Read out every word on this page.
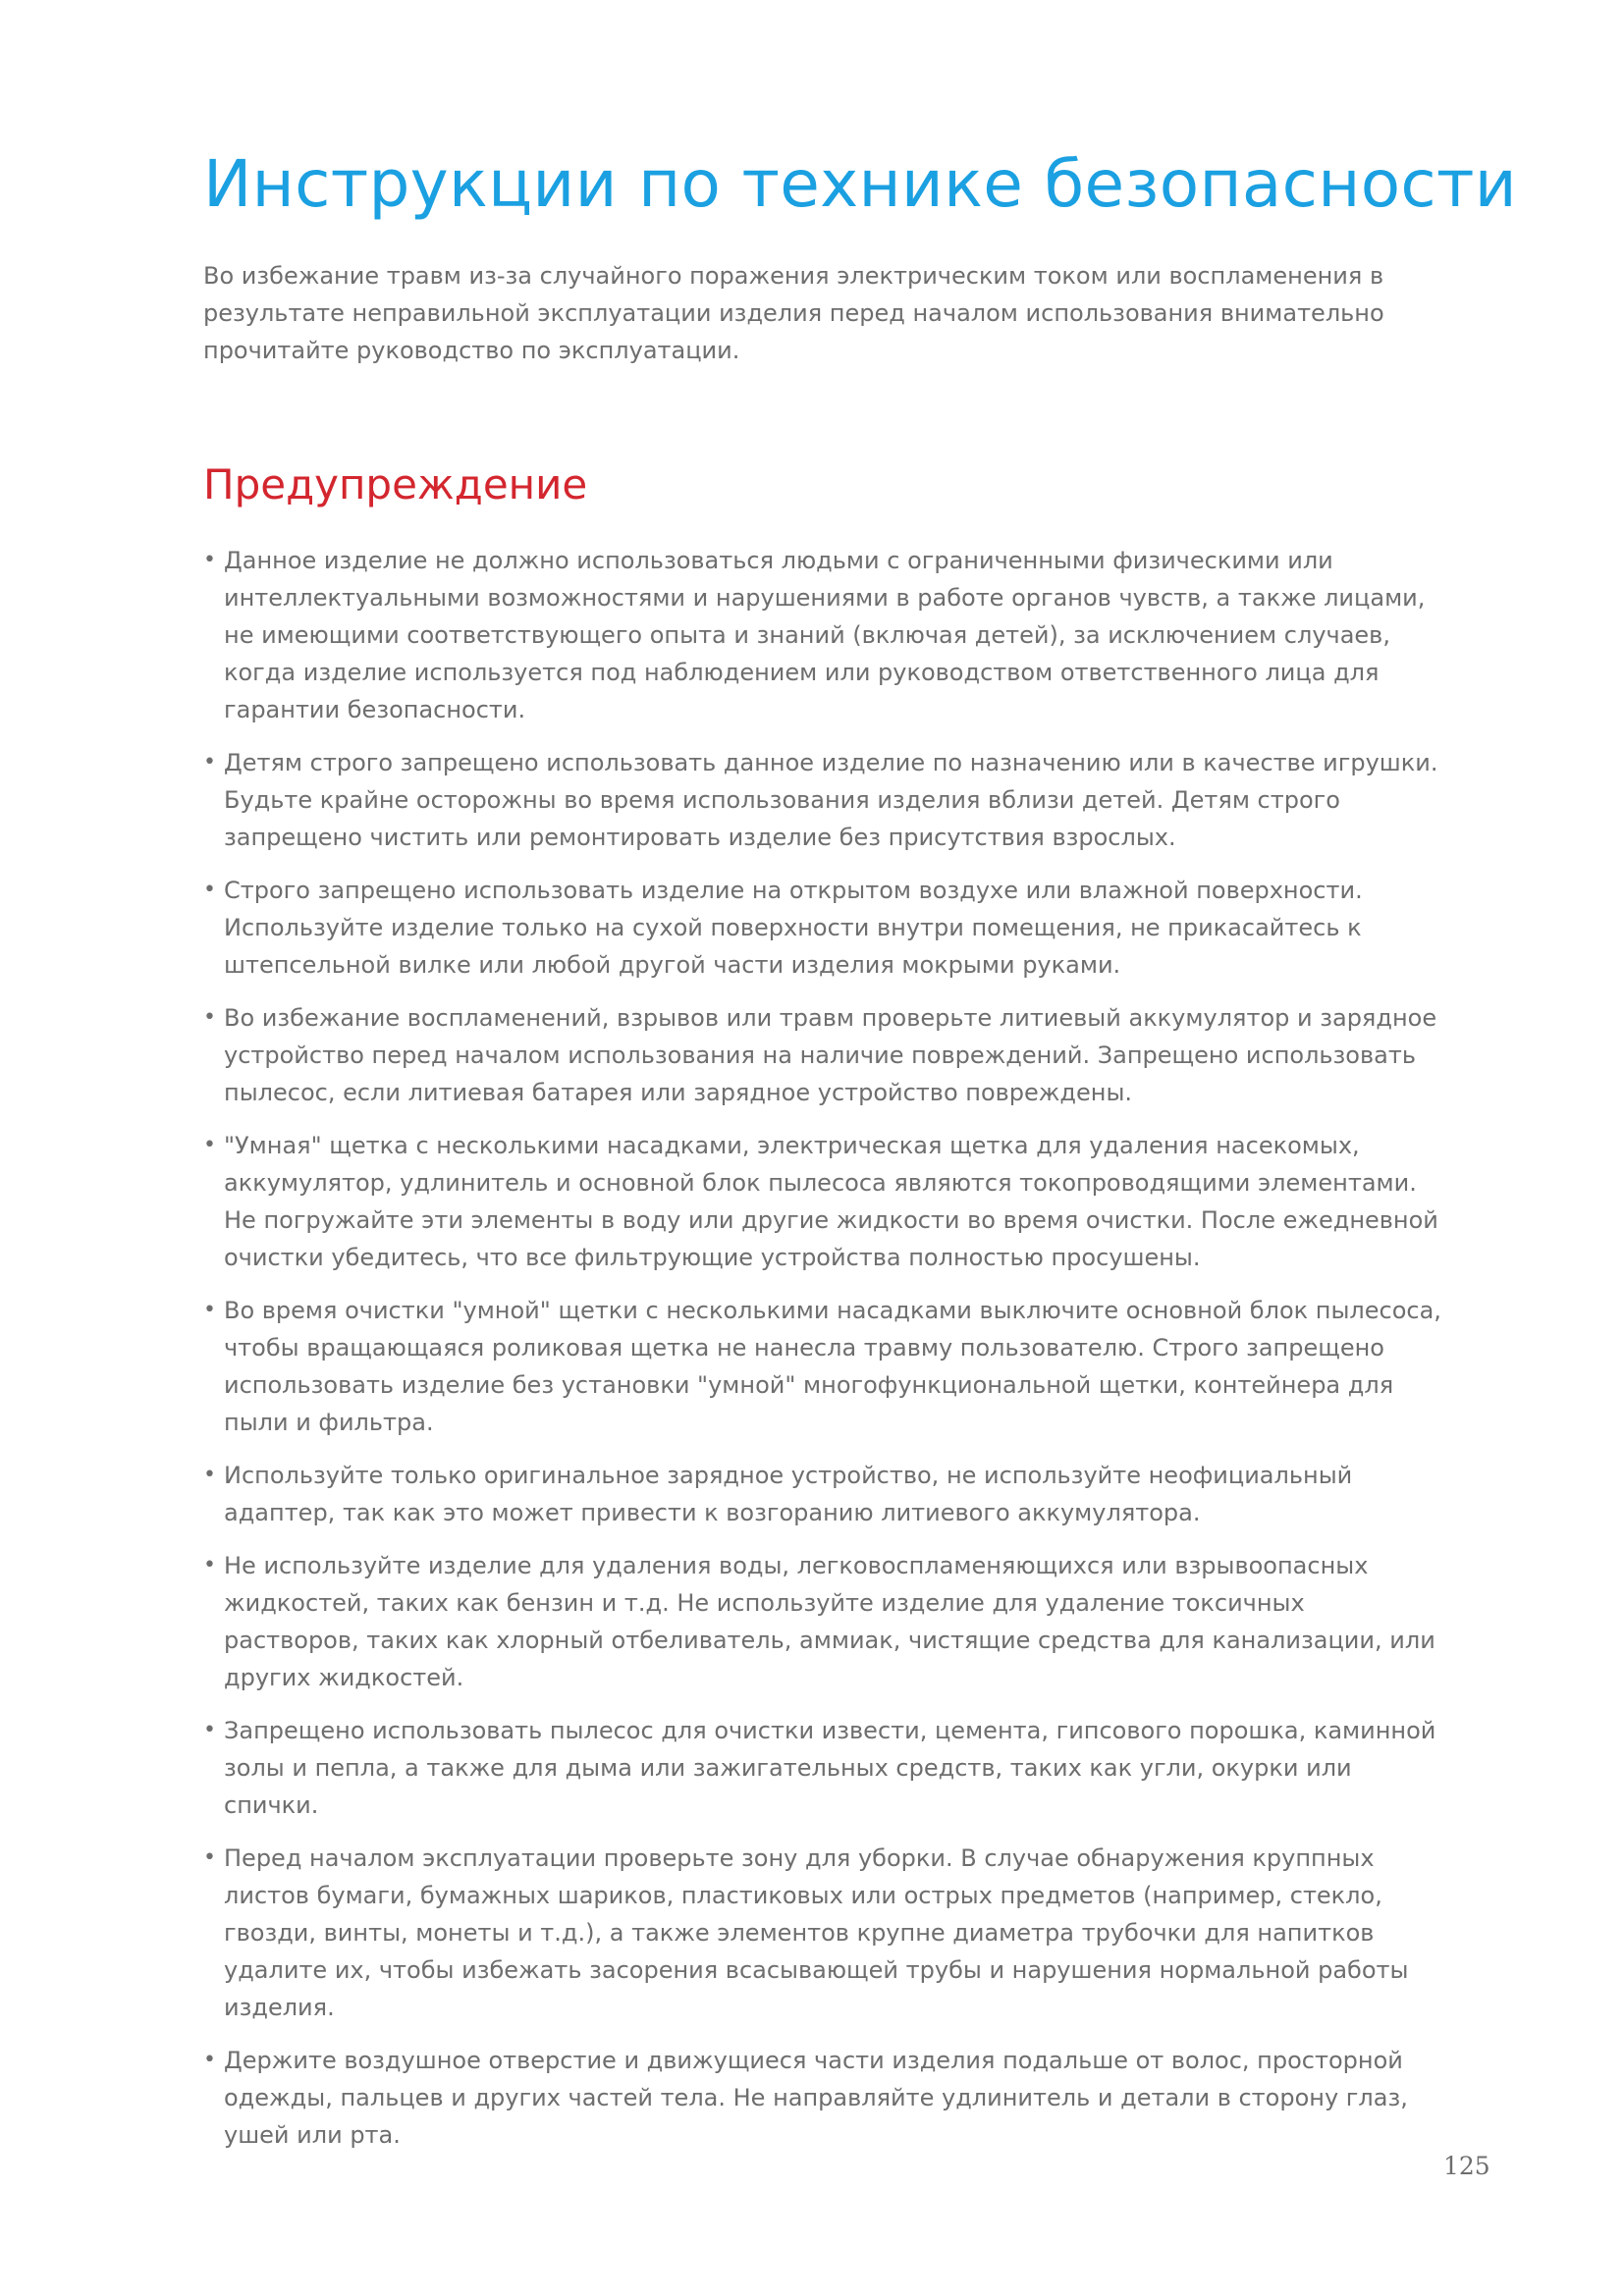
Инструкции по технике безопасности

Во избежание травм из-за случайного поражения электрическим током или воспламенения в результате неправильной эксплуатации изделия перед началом использования внимательно прочитайте руководство по эксплуатации.

Предупреждение
• Данное изделие не должно использоваться людьми с ограниченными физическими или интеллектуальными возможностями и нарушениями в работе органов чувств, а также лицами, не имеющими соответствующего опыта и знаний (включая детей), за исключением случаев, когда изделие используется под наблюдением или руководством ответственного лица для гарантии безопасности.
• Детям строго запрещено использовать данное изделие по назначению или в качестве игрушки. Будьте крайне осторожны во время использования изделия вблизи детей. Детям строго запрещено чистить или ремонтировать изделие без присутствия взрослых.
• Строго запрещено использовать изделие на открытом воздухе или влажной поверхности. Используйте изделие только на сухой поверхности внутри помещения, не прикасайтесь к штепсельной вилке или любой другой части изделия мокрыми руками.
• Во избежание воспламенений, взрывов или травм проверьте литиевый аккумулятор и зарядное устройство перед началом использования на наличие повреждений. Запрещено использовать пылесос, если литиевая батарея или зарядное устройство повреждены.
• "Умная" щетка с несколькими насадками, электрическая щетка для удаления насекомых, аккумулятор, удлинитель и основной блок пылесоса являются токопроводящими элементами. Не погружайте эти элементы в воду или другие жидкости во время очистки. После ежедневной очистки убедитесь, что все фильтрующие устройства полностью просушены.
• Во время очистки "умной" щетки с несколькими насадками выключите основной блок пылесоса, чтобы вращающаяся роликовая щетка не нанесла травму пользователю. Строго запрещено использовать изделие без установки "умной" многофункциональной щетки, контейнера для пыли и фильтра.
• Используйте только оригинальное зарядное устройство, не используйте неофициальный адаптер, так как это может привести к возгоранию литиевого аккумулятора.
• Не используйте изделие для удаления воды, легковоспламеняющихся или взрывоопасных жидкостей, таких как бензин и т.д. Не используйте изделие для удаление токсичных растворов, таких как хлорный отбеливатель, аммиак, чистящие средства для канализации, или других жидкостей.
• Запрещено использовать пылесос для очистки извести, цемента, гипсового порошка, каминной золы и пепла, а также для дыма или зажигательных средств, таких как угли, окурки или спички.
• Перед началом эксплуатации проверьте зону для уборки. В случае обнаружения круппных листов бумаги, бумажных шариков, пластиковых или острых предметов (например, стекло, гвозди, винты, монеты и т.д.), а также элементов крупне диаметра трубочки для напитков удалите их, чтобы избежать засорения всасывающей трубы и нарушения нормальной работы изделия.
• Держите воздушное отверстие и движущиеся части изделия подальше от волос, просторной одежды, пальцев и других частей тела. Не направляйте удлинитель и детали в сторону глаз, ушей или рта.
125
